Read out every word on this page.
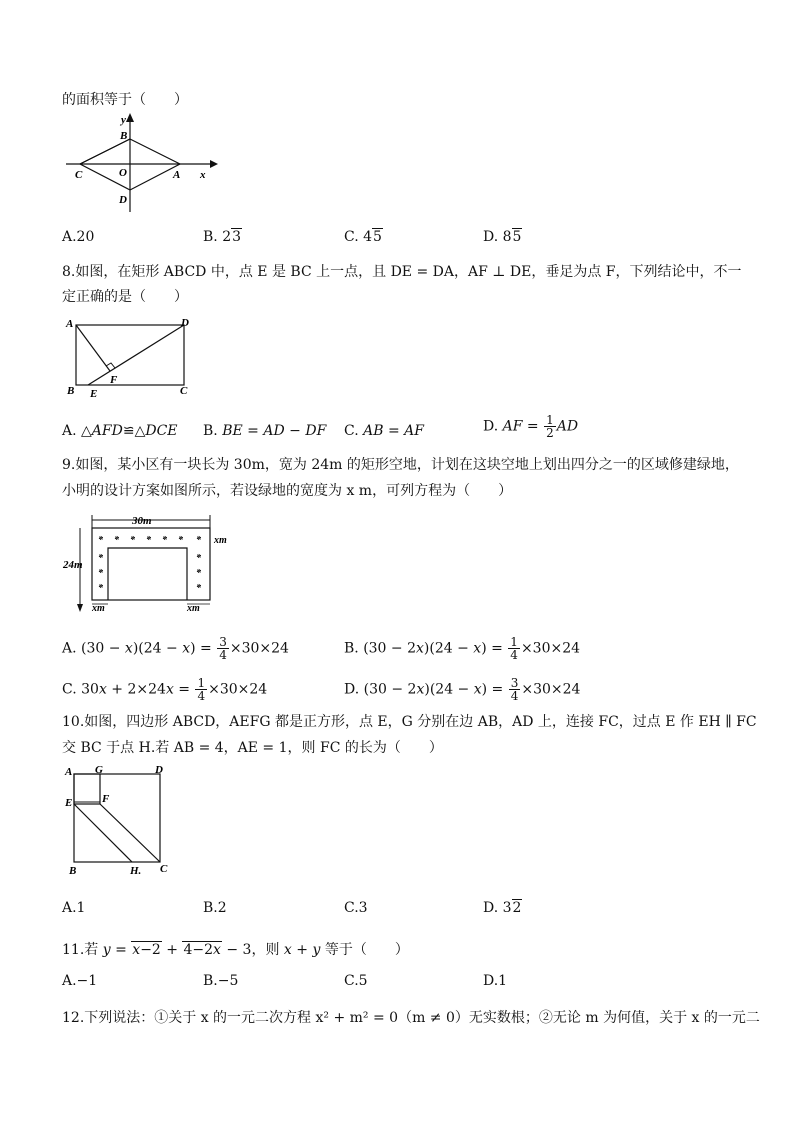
的面积等于（　　）
y
B
C	O	A x
D
A.20	B. 23	C. 45	D. 85
8.如图，在矩形 ABCD 中，点 E 是 BC 上一点，且 DE = DA，AF ⊥ DE，垂足为点 F，下列结论中，不一
定正确的是（　　）
A	D
B E
F
C
A. △AFD≌△DCE B. BE = AD − DF C. AB = AF	D. AF = $\frac{1}{2}$ AD
9.如图，某小区有一块长为 30m，宽为 24m 的矩形空地，计划在这块空地上划出四分之一的区域修建绿地，
小明的设计方案如图所示，若设绿地的宽度为 x m，可列方程为（　　）
30m
24m
xm
xm	xm
* * * * * * *
*
*
*
*
*
*
A. $(30 - x)(24 - x) = \frac{3}{4} \times 30\times 24$	B. $(30 - 2x)(24 - x) = \frac{1}{4} \times 30\times 24$
C. $30x + 2\times 24x = \frac{1}{4} \times 30\times 24$	D. $(30 - 2x)(24 - x) = \frac{3}{4} \times 30\times 24$
10.如图，四边形 ABCD，AEFG 都是正方形，点 E，G 分别在边 AB，AD 上，连接 FC，过点 E 作 EH ∥ FC
交 BC 于点 H.若 AB = 4，AE = 1，则 FC 的长为（　　）
A G	D
E	F
B	H. C
A.1	B.2	C.3	D. 32
11.若 y = x−2 + 4−2x − 3，则 x + y 等于（　　）
A.−1	B.−5	C.5	D.1
12.下列说法：①关于 x 的一元二次方程 x² + m² = 0（m ≠ 0）无实数根；②无论 m 为何值，关于 x 的一元二
